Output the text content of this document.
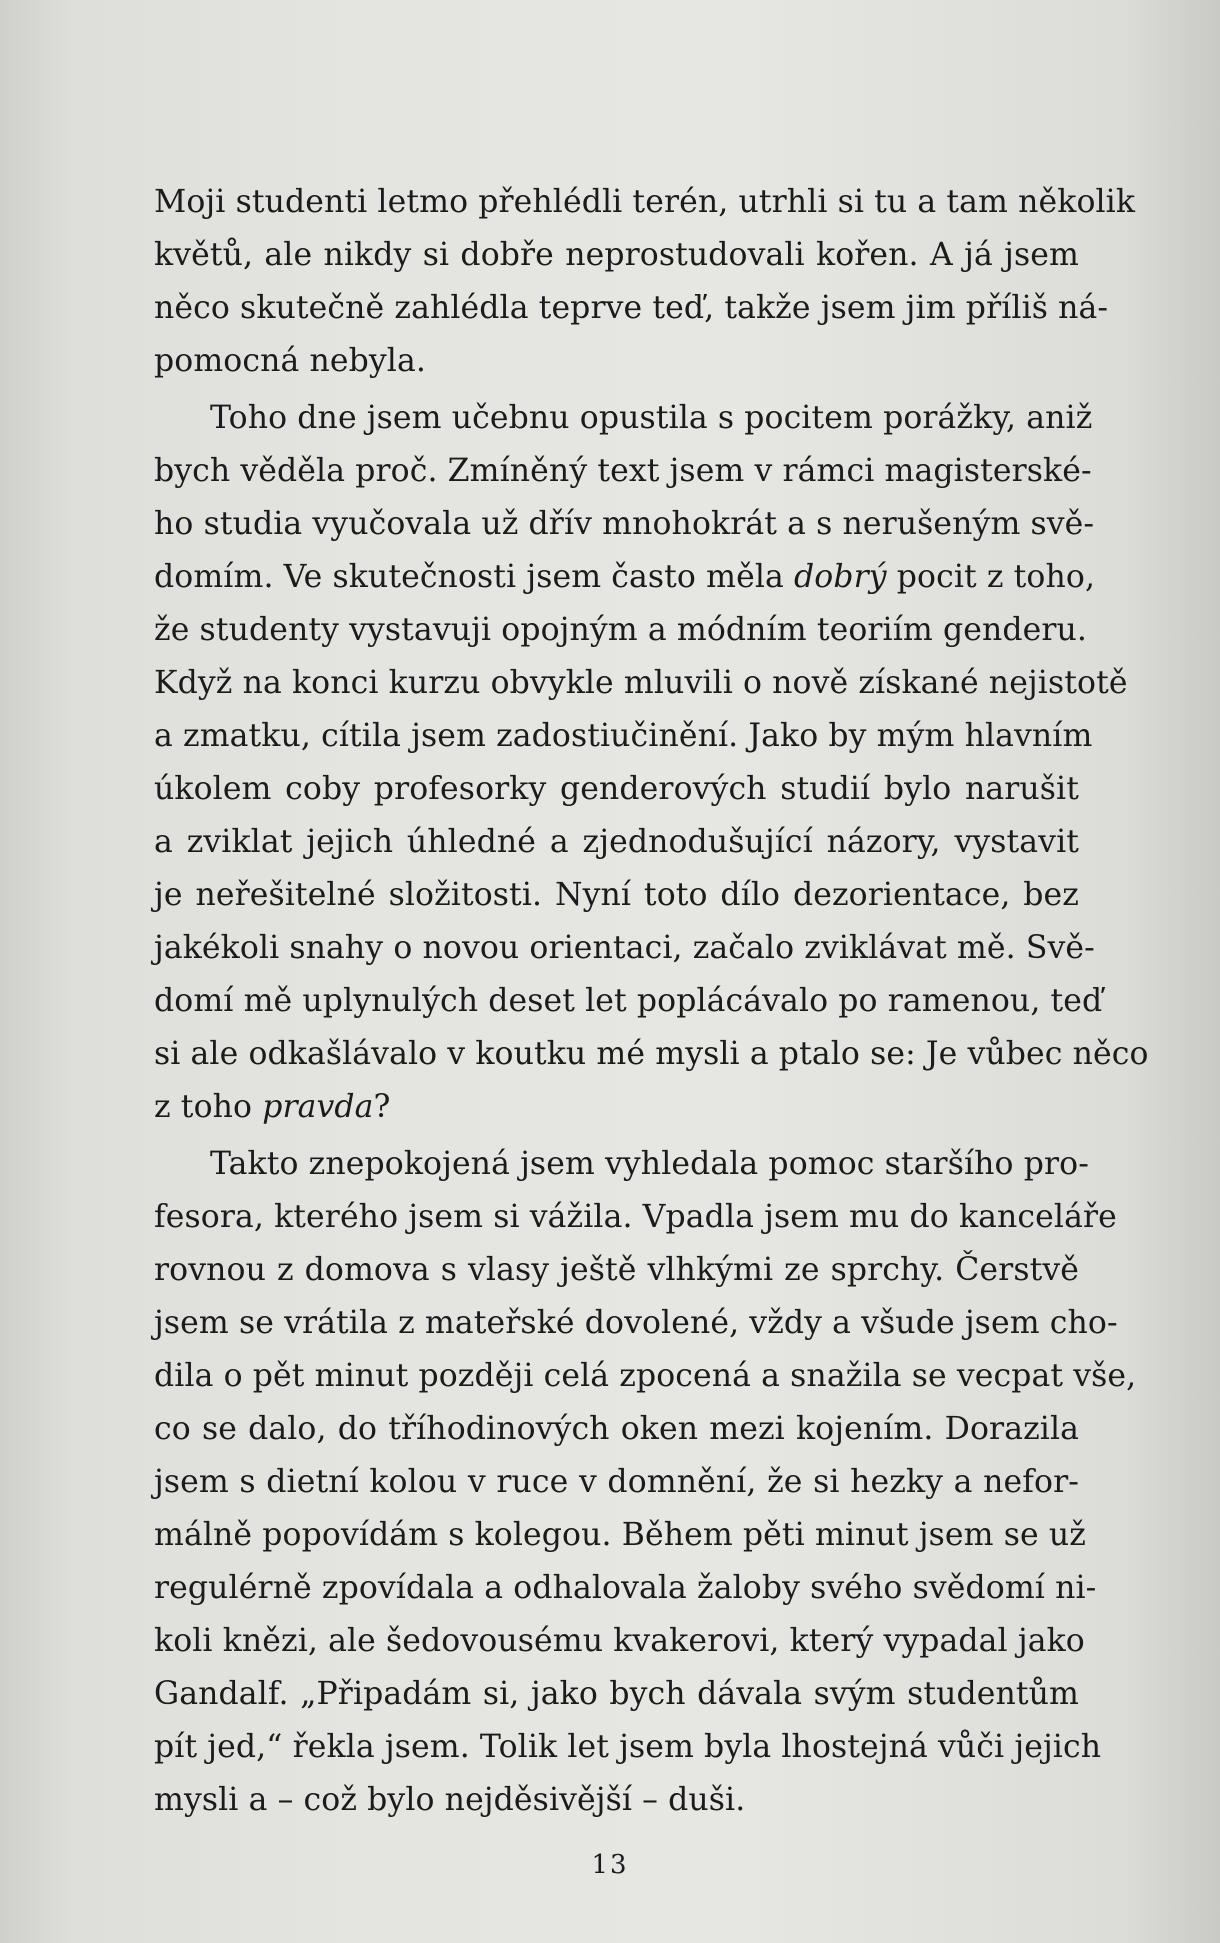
Moji studenti letmo přehlédli terén, utrhli si tu a tam několik
květů, ale nikdy si dobře neprostudovali kořen. A já jsem
něco skutečně zahlédla teprve teď, takže jsem jim příliš ná-
pomocná nebyla.
Toho dne jsem učebnu opustila s pocitem porážky, aniž
bych věděla proč. Zmíněný text jsem v rámci magisterské-
ho studia vyučovala už dřív mnohokrát a s nerušeným svě-
domím. Ve skutečnosti jsem často měla dobrý pocit z toho,
že studenty vystavuji opojným a módním teoriím genderu.
Když na konci kurzu obvykle mluvili o nově získané nejistotě
a zmatku, cítila jsem zadostiučinění. Jako by mým hlavním
úkolem coby profesorky genderových studií bylo narušit
a zviklat jejich úhledné a zjednodušující názory, vystavit
je neřešitelné složitosti. Nyní toto dílo dezorientace, bez
jakékoli snahy o novou orientaci, začalo zviklávat mě. Svě-
domí mě uplynulých deset let poplácávalo po ramenou, teď
si ale odkašlávalo v koutku mé mysli a ptalo se: Je vůbec něco
z toho pravda?
Takto znepokojená jsem vyhledala pomoc staršího pro-
fesora, kterého jsem si vážila. Vpadla jsem mu do kanceláře
rovnou z domova s vlasy ještě vlhkými ze sprchy. Čerstvě
jsem se vrátila z mateřské dovolené, vždy a všude jsem cho-
dila o pět minut později celá zpocená a snažila se vecpat vše,
co se dalo, do tříhodinových oken mezi kojením. Dorazila
jsem s dietní kolou v ruce v domnění, že si hezky a nefor-
málně popovídám s kolegou. Během pěti minut jsem se už
regulérně zpovídala a odhalovala žaloby svého svědomí ni-
koli knězi, ale šedovousému kvakerovi, který vypadal jako
Gandalf. „Připadám si, jako bych dávala svým studentům
pít jed,“ řekla jsem. Tolik let jsem byla lhostejná vůči jejich
mysli a – což bylo nejděsivější – duši.
13
